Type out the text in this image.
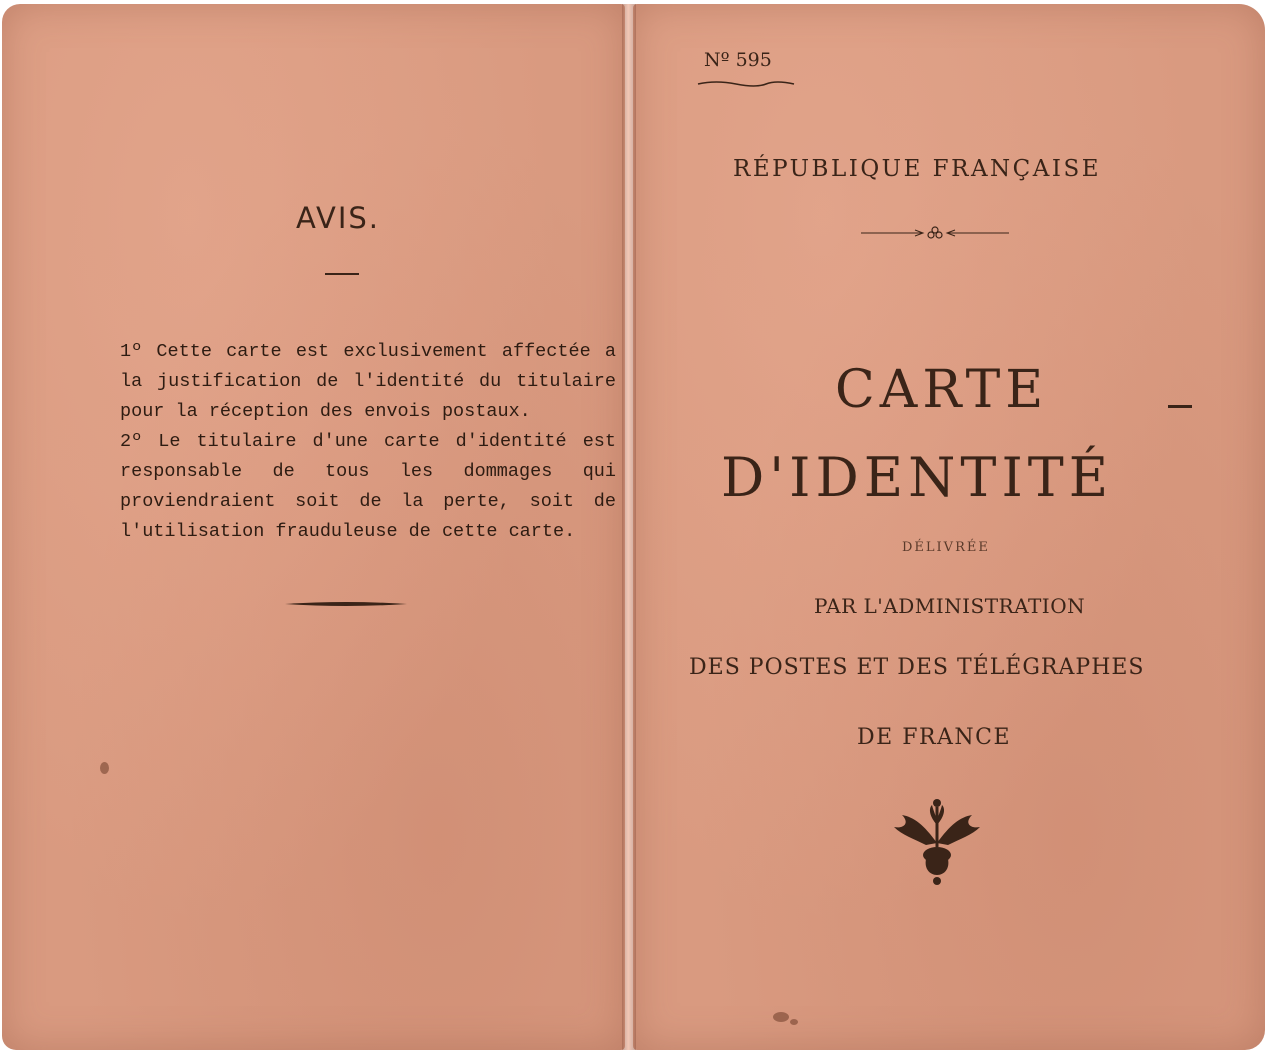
AVIS.

1º Cette carte est exclusivement affectée a la justification de l'identité du titulaire pour la réception des envois postaux.

2º Le titulaire d'une carte d'identité est responsable de tous les dommages qui proviendraient soit de la perte, soit de l'utilisation frauduleuse de cette carte.

Nº 595
RÉPUBLIQUE FRANÇAISE
CARTE
D'IDENTITÉ
DÉLIVRÉE
PAR L'ADMINISTRATION
DES POSTES ET DES TÉLÉGRAPHES
DE FRANCE
